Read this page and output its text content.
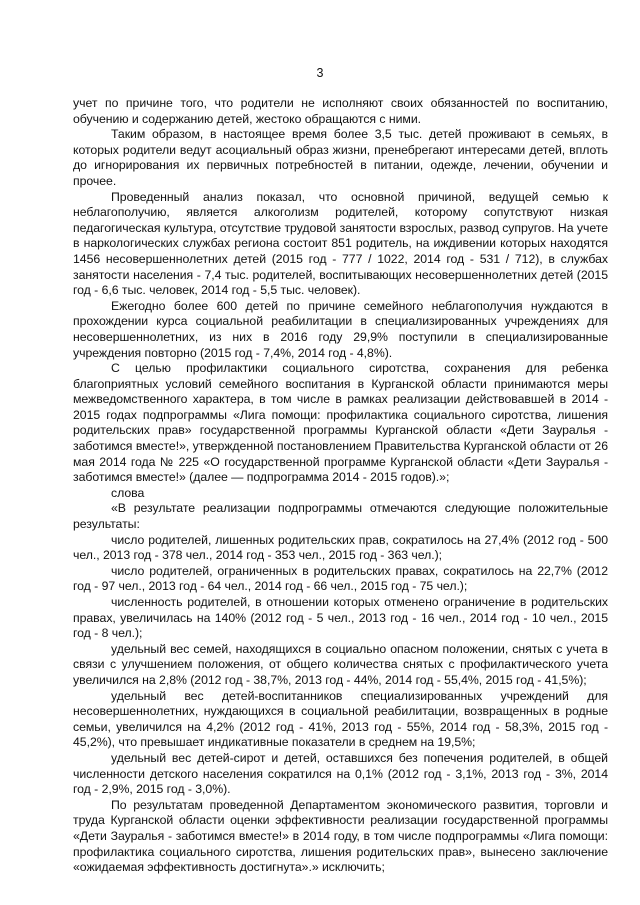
3

учет по причине того, что родители не исполняют своих обязанностей по воспитанию, обучению и содержанию детей, жестоко обращаются с ними.

Таким образом, в настоящее время более 3,5 тыс. детей проживают в семьях, в которых родители ведут асоциальный образ жизни, пренебрегают интересами детей, вплоть до игнорирования их первичных потребностей в питании, одежде, лечении, обучении и прочее.

Проведенный анализ показал, что основной причиной, ведущей семью к неблагополучию, является алкоголизм родителей, которому сопутствуют низкая педагогическая культура, отсутствие трудовой занятости взрослых, развод супругов. На учете в наркологических службах региона состоит 851 родитель, на иждивении которых находятся 1456 несовершеннолетних детей (2015 год - 777 / 1022, 2014 год - 531 / 712), в службах занятости населения - 7,4 тыс. родителей, воспитывающих несовершеннолетних детей (2015 год - 6,6 тыс. человек, 2014 год - 5,5 тыс. человек).

Ежегодно более 600 детей по причине семейного неблагополучия нуждаются в прохождении курса социальной реабилитации в специализированных учреждениях для несовершеннолетних, из них в 2016 году 29,9% поступили в специализированные учреждения повторно (2015 год - 7,4%, 2014 год - 4,8%).

С целью профилактики социального сиротства, сохранения для ребенка благоприятных условий семейного воспитания в Курганской области принимаются меры межведомственного характера, в том числе в рамках реализации действовавшей в 2014 - 2015 годах подпрограммы «Лига помощи: профилактика социального сиротства, лишения родительских прав» государственной программы Курганской области «Дети Зауралья - заботимся вместе!», утвержденной постановлением Правительства Курганской области от 26 мая 2014 года № 225 «О государственной программе Курганской области «Дети Зауралья - заботимся вместе!» (далее — подпрограмма 2014 - 2015 годов).»;

слова

«В результате реализации подпрограммы отмечаются следующие положительные результаты:

число родителей, лишенных родительских прав, сократилось на 27,4% (2012 год - 500 чел., 2013 год - 378 чел., 2014 год - 353 чел., 2015 год - 363 чел.);

число родителей, ограниченных в родительских правах, сократилось на 22,7% (2012 год - 97 чел., 2013 год - 64 чел., 2014 год - 66 чел., 2015 год - 75 чел.);

численность родителей, в отношении которых отменено ограничение в родительских правах, увеличилась на 140% (2012 год - 5 чел., 2013 год - 16 чел., 2014 год - 10 чел., 2015 год - 8 чел.);

удельный вес семей, находящихся в социально опасном положении, снятых с учета в связи с улучшением положения, от общего количества снятых с профилактического учета увеличился на 2,8% (2012 год - 38,7%, 2013 год - 44%, 2014 год - 55,4%, 2015 год - 41,5%);

удельный вес детей-воспитанников специализированных учреждений для несовершеннолетних, нуждающихся в социальной реабилитации, возвращенных в родные семьи, увеличился на 4,2% (2012 год - 41%, 2013 год - 55%, 2014 год - 58,3%, 2015 год - 45,2%), что превышает индикативные показатели в среднем на 19,5%;

удельный вес детей-сирот и детей, оставшихся без попечения родителей, в общей численности детского населения сократился на 0,1% (2012 год - 3,1%, 2013 год - 3%, 2014 год - 2,9%, 2015 год - 3,0%).

По результатам проведенной Департаментом экономического развития, торговли и труда Курганской области оценки эффективности реализации государственной программы «Дети Зауралья - заботимся вместе!» в 2014 году, в том числе подпрограммы «Лига помощи: профилактика социального сиротства, лишения родительских прав», вынесено заключение «ожидаемая эффективность достигнута».» исключить;
